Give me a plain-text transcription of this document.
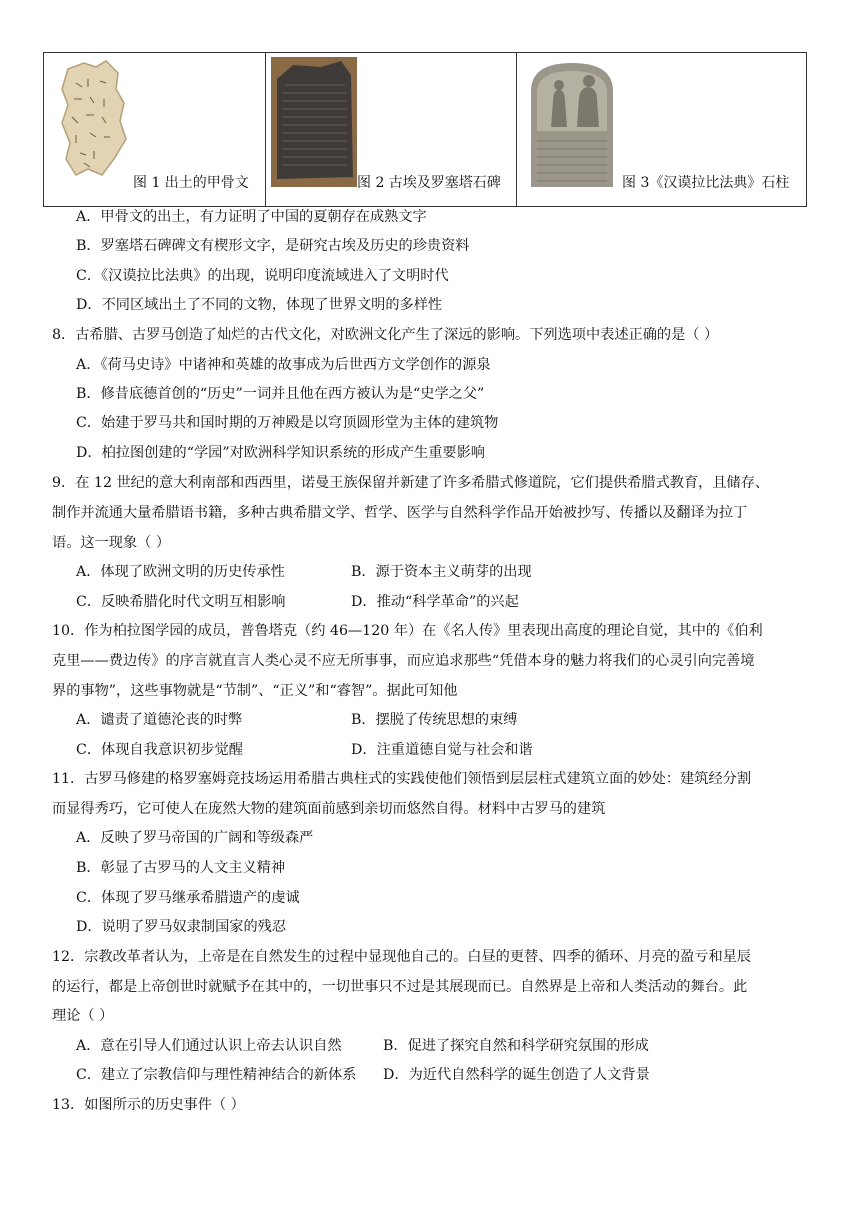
图 1 出土的甲骨文	图 2 古埃及罗塞塔石碑	图 3《汉谟拉比法典》石柱
A．甲骨文的出土，有力证明了中国的夏朝存在成熟文字
B．罗塞塔石碑碑文有楔形文字，是研究古埃及历史的珍贵资料
C．《汉谟拉比法典》的出现，说明印度流域进入了文明时代
D．不同区域出土了不同的文物，体现了世界文明的多样性
8．古希腊、古罗马创造了灿烂的古代文化，对欧洲文化产生了深远的影响。下列选项中表述正确的是（ ）
A．《荷马史诗》中诸神和英雄的故事成为后世西方文学创作的源泉
B．修昔底德首创的“历史”一词并且他在西方被认为是“史学之父”
C．始建于罗马共和国时期的万神殿是以穹顶圆形堂为主体的建筑物
D．柏拉图创建的“学园”对欧洲科学知识系统的形成产生重要影响
9．在 12 世纪的意大利南部和西西里，诺曼王族保留并新建了许多希腊式修道院，它们提供希腊式教育，且储存、
制作并流通大量希腊语书籍，多种古典希腊文学、哲学、医学与自然科学作品开始被抄写、传播以及翻译为拉丁
语。这一现象（ ）
A．体现了欧洲文明的历史传承性	B．源于资本主义萌芽的出现
C．反映希腊化时代文明互相影响	D．推动“科学革命”的兴起
10．作为柏拉图学园的成员，普鲁塔克（约 46—120 年）在《名人传》里表现出高度的理论自觉，其中的《伯利
克里——费边传》的序言就直言人类心灵不应无所事事，而应追求那些“凭借本身的魅力将我们的心灵引向完善境
界的事物”，这些事物就是“节制”、“正义”和“睿智”。据此可知他
A．谴责了道德沦丧的时弊	B．摆脱了传统思想的束缚
C．体现自我意识初步觉醒	D．注重道德自觉与社会和谐
11．古罗马修建的格罗塞姆竞技场运用希腊古典柱式的实践使他们领悟到层层柱式建筑立面的妙处：建筑经分割
而显得秀巧，它可使人在庞然大物的建筑面前感到亲切而悠然自得。材料中古罗马的建筑
A．反映了罗马帝国的广阔和等级森严
B．彰显了古罗马的人文主义精神
C．体现了罗马继承希腊遗产的虔诚
D．说明了罗马奴隶制国家的残忍
12．宗教改革者认为，上帝是在自然发生的过程中显现他自己的。白昼的更替、四季的循环、月亮的盈亏和星辰
的运行，都是上帝创世时就赋予在其中的，一切世事只不过是其展现而已。自然界是上帝和人类活动的舞台。此
理论（ ）
A．意在引导人们通过认识上帝去认识自然	B．促进了探究自然和科学研究氛围的形成
C．建立了宗教信仰与理性精神结合的新体系 D．为近代自然科学的诞生创造了人文背景
13．如图所示的历史事件（ ）
